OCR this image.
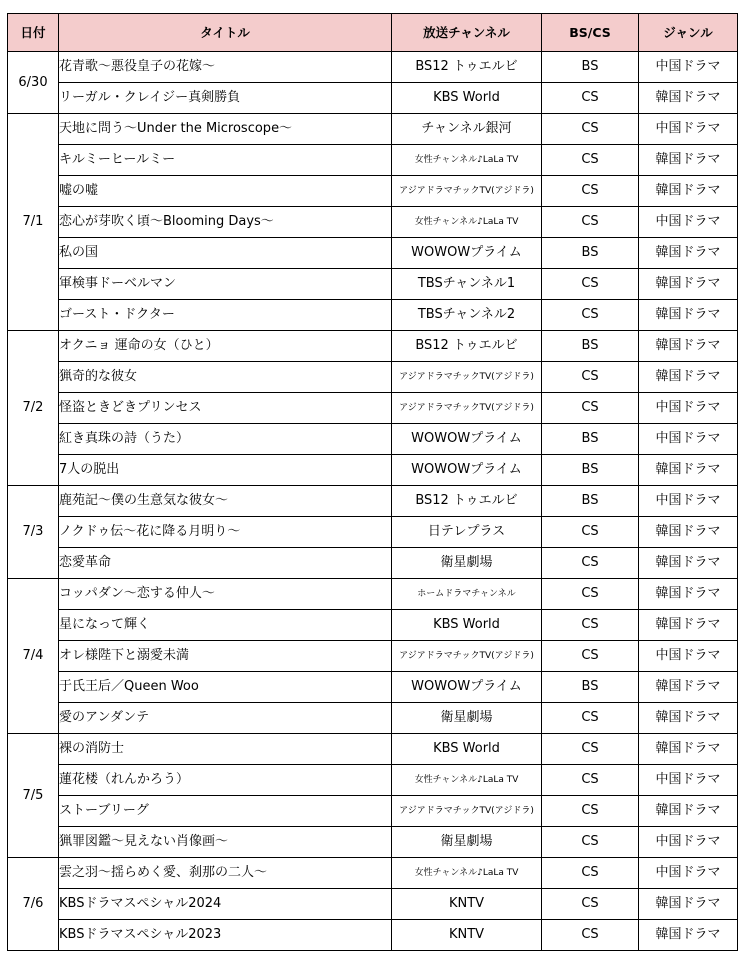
日付	タイトル	放送チャンネル	BS/CS	ジャンル
6/30	花青歌～悪役皇子の花嫁～	BS12 トゥエルビ	BS	中国ドラマ
	リーガル・クレイジー真剣勝負	KBS World	CS	韓国ドラマ
7/1	天地に問う～Under the Microscope～	チャンネル銀河	CS	中国ドラマ
	キルミーヒールミー	女性チャンネル♪LaLa TV	CS	韓国ドラマ
	嘘の嘘	アジアドラマチックTV(アジドラ)	CS	韓国ドラマ
	恋心が芽吹く頃～Blooming Days～	女性チャンネル♪LaLa TV	CS	中国ドラマ
	私の国	WOWOWプライム	BS	韓国ドラマ
	軍検事ドーベルマン	TBSチャンネル1	CS	韓国ドラマ
	ゴースト・ドクター	TBSチャンネル2	CS	韓国ドラマ
7/2	オクニョ 運命の女（ひと）	BS12 トゥエルビ	BS	韓国ドラマ
	猟奇的な彼女	アジアドラマチックTV(アジドラ)	CS	韓国ドラマ
	怪盗ときどきプリンセス	アジアドラマチックTV(アジドラ)	CS	中国ドラマ
	紅き真珠の詩（うた）	WOWOWプライム	BS	中国ドラマ
	7人の脱出	WOWOWプライム	BS	韓国ドラマ
7/3	鹿苑記～僕の生意気な彼女～	BS12 トゥエルビ	BS	中国ドラマ
	ノクドゥ伝～花に降る月明り～	日テレプラス	CS	韓国ドラマ
	恋愛革命	衛星劇場	CS	韓国ドラマ
7/4	コッパダン～恋する仲人～	ホームドラマチャンネル	CS	韓国ドラマ
	星になって輝く	KBS World	CS	韓国ドラマ
	オレ様陛下と溺愛未満	アジアドラマチックTV(アジドラ)	CS	中国ドラマ
	于氏王后／Queen Woo	WOWOWプライム	BS	韓国ドラマ
	愛のアンダンテ	衛星劇場	CS	韓国ドラマ
7/5	裸の消防士	KBS World	CS	韓国ドラマ
	蓮花楼（れんかろう）	女性チャンネル♪LaLa TV	CS	中国ドラマ
	ストーブリーグ	アジアドラマチックTV(アジドラ)	CS	韓国ドラマ
	猟罪図鑑～見えない肖像画～	衛星劇場	CS	中国ドラマ
7/6	雲之羽～揺らめく愛、刹那の二人～	女性チャンネル♪LaLa TV	CS	中国ドラマ
	KBSドラマスペシャル2024	KNTV	CS	韓国ドラマ
	KBSドラマスペシャル2023	KNTV	CS	韓国ドラマ
